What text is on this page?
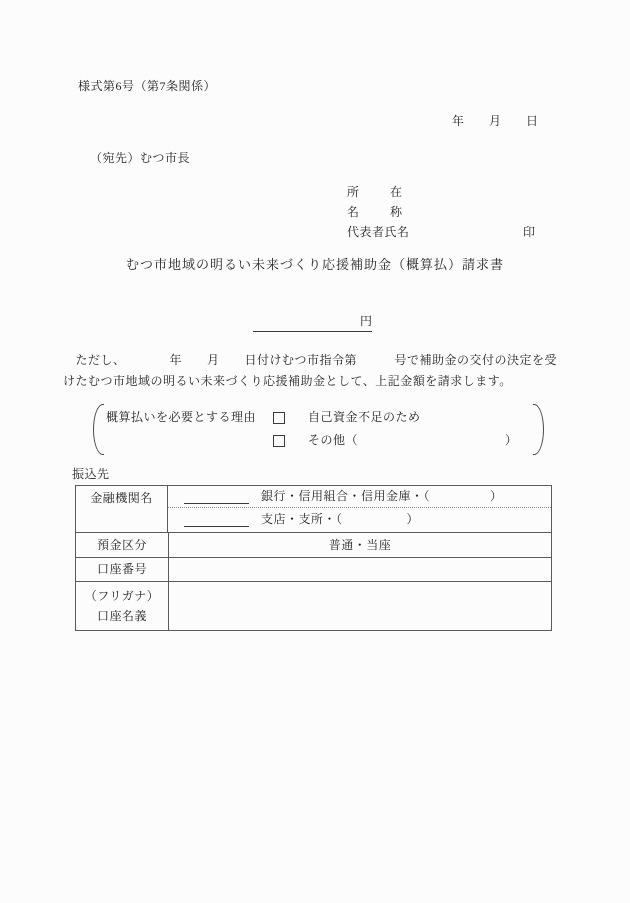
様式第6号（第7条関係）
年 月 日
（宛先）むつ市長
所	在
名	称
代表者氏名	印
むつ市地域の明るい未来づくり応援補助金（概算払）請求書
円
　ただし、　　　　年　　月　　日付けむつ市指令第　　　号で補助金の交付の決定を受
けたむつ市地域の明るい未来づくり応援補助金として、上記金額を請求します。
概算払いを必要とする理由	自己資金不足のため
その他（	）
振込先
金融機関名	銀行・信用組合・信用金庫・（	）
支店・支所・（	）
預金区分	普通・当座
口座番号
（フリガナ）
口座名義
